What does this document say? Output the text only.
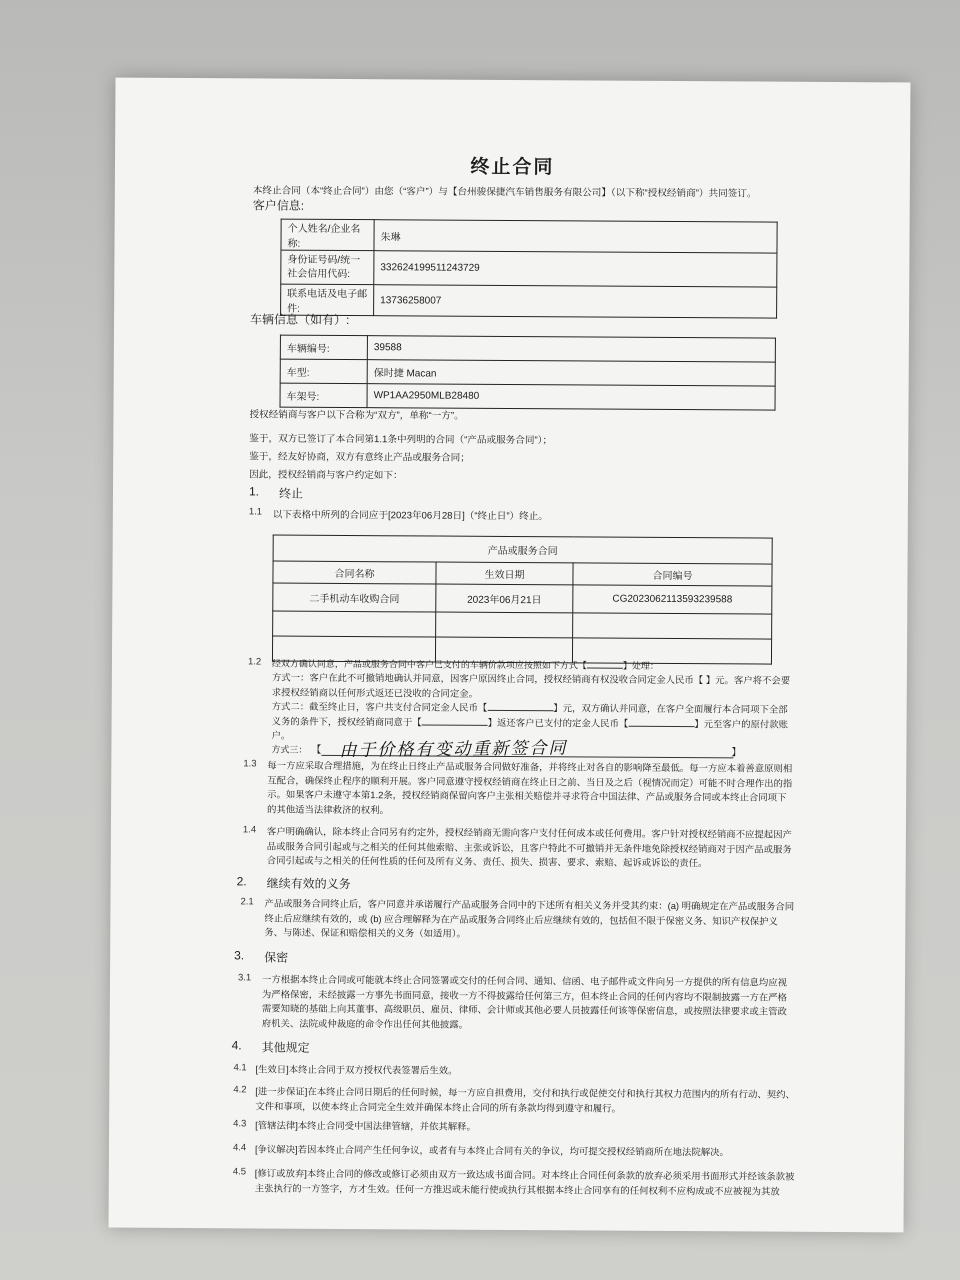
终止合同
本终止合同（本“终止合同”）由您（“客户”）与【台州骏保捷汽车销售服务有限公司】（以下称“授权经销商”）共同签订。
客户信息:
个人姓名/企业名称:	朱琳
身份证号码/统一社会信用代码:	332624199511243729
联系电话及电子邮件:	13736258007
车辆信息（如有）:
车辆编号:	39588
车型:	保时捷 Macan
车架号:	WP1AA2950MLB28480
授权经销商与客户以下合称为“双方”，单称“一方”。
鉴于，双方已签订了本合同第1.1条中列明的合同（“产品或服务合同”）；
鉴于，经友好协商，双方有意终止产品或服务合同；
因此，授权经销商与客户约定如下：
1. 终止
1.1 以下表格中所列的合同应于[2023年06月28日]（“终止日”）终止。
产品或服务合同		
合同名称	生效日期	合同编号
二手机动车收购合同	2023年06月21日	CG2023062113593239588

1.2 经双方确认同意，产品或服务合同中客户已支付的车辆价款项应按照如下方式【	】处理：
方式一：客户在此不可撤销地确认并同意，因客户原因终止合同，授权经销商有权没收合同定金人民币【 】元。客户将不会要求授权经销商以任何形式返还已没收的合同定金。
方式二：截至终止日，客户共支付合同定金人民币【	】元，双方确认并同意，在客户全面履行本合同项下全部义务的条件下，授权经销商同意于【	】返还客户已支付的定金人民币【	】元至客户的原付款账户。
方式三： 【	】
由于价格有变动重新签合同
1.3 每一方应采取合理措施，为在终止日终止产品或服务合同做好准备，并将终止对各自的影响降至最低。每一方应本着善意原则相互配合，确保终止程序的顺利开展。客户同意遵守授权经销商在终止日之前、当日及之后（视情况而定）可能不时合理作出的指示。如果客户未遵守本第1.2条，授权经销商保留向客户主张相关赔偿并寻求符合中国法律、产品或服务合同或本终止合同项下的其他适当法律救济的权利。
1.4 客户明确确认，除本终止合同另有约定外，授权经销商无需向客户支付任何成本或任何费用。客户针对授权经销商不应提起因产品或服务合同引起或与之相关的任何其他索赔、主张或诉讼，且客户特此不可撤销并无条件地免除授权经销商对于因产品或服务合同引起或与之相关的任何性质的任何及所有义务、责任、损失、损害、要求、索赔、起诉或诉讼的责任。
2. 继续有效的义务
2.1 产品或服务合同终止后，客户同意并承诺履行产品或服务合同中的下述所有相关义务并受其约束：(a) 明确规定在产品或服务合同终止后应继续有效的，或 (b) 应合理解释为在产品或服务合同终止后应继续有效的，包括但不限于保密义务、知识产权保护义务、与陈述、保证和赔偿相关的义务（如适用）。
3. 保密
3.1 一方根据本终止合同或可能就本终止合同签署或交付的任何合同、通知、信函、电子邮件或文件向另一方提供的所有信息均应视为严格保密，未经披露一方事先书面同意，接收一方不得披露给任何第三方，但本终止合同的任何内容均不限制披露一方在严格需要知晓的基础上向其董事、高级职员、雇员、律师、会计师或其他必要人员披露任何该等保密信息，或按照法律要求或主管政府机关、法院或仲裁庭的命令作出任何其他披露。
4. 其他规定
4.1 [生效日]本终止合同于双方授权代表签署后生效。
4.2 [进一步保证]在本终止合同日期后的任何时候，每一方应自担费用，交付和执行或促使交付和执行其权力范围内的所有行动、契约、文件和事项，以使本终止合同完全生效并确保本终止合同的所有条款均得到遵守和履行。
4.3 [管辖法律]本终止合同受中国法律管辖，并依其解释。
4.4 [争议解决]若因本终止合同产生任何争议，或者有与本终止合同有关的争议，均可提交授权经销商所在地法院解决。
4.5 [修订或放弃]本终止合同的修改或修订必须由双方一致达成书面合同。对本终止合同任何条款的放弃必须采用书面形式并经该条款被主张执行的一方签字，方才生效。任何一方推迟或未能行使或执行其根据本终止合同享有的任何权利不应构成或不应被视为其放
